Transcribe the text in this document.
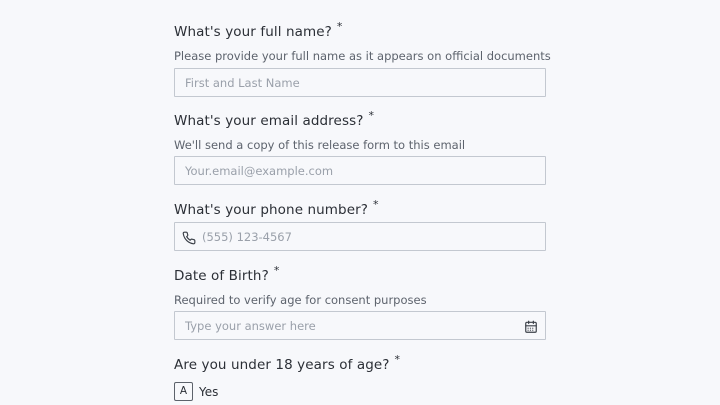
What's your full name? *
Please provide your full name as it appears on official documents
First and Last Name
What's your email address? *
We'll send a copy of this release form to this email
Your.email@example.com
What's your phone number? *
(555) 123-4567
Date of Birth? *
Required to verify age for consent purposes
Type your answer here
Are you under 18 years of age? *
A Yes
